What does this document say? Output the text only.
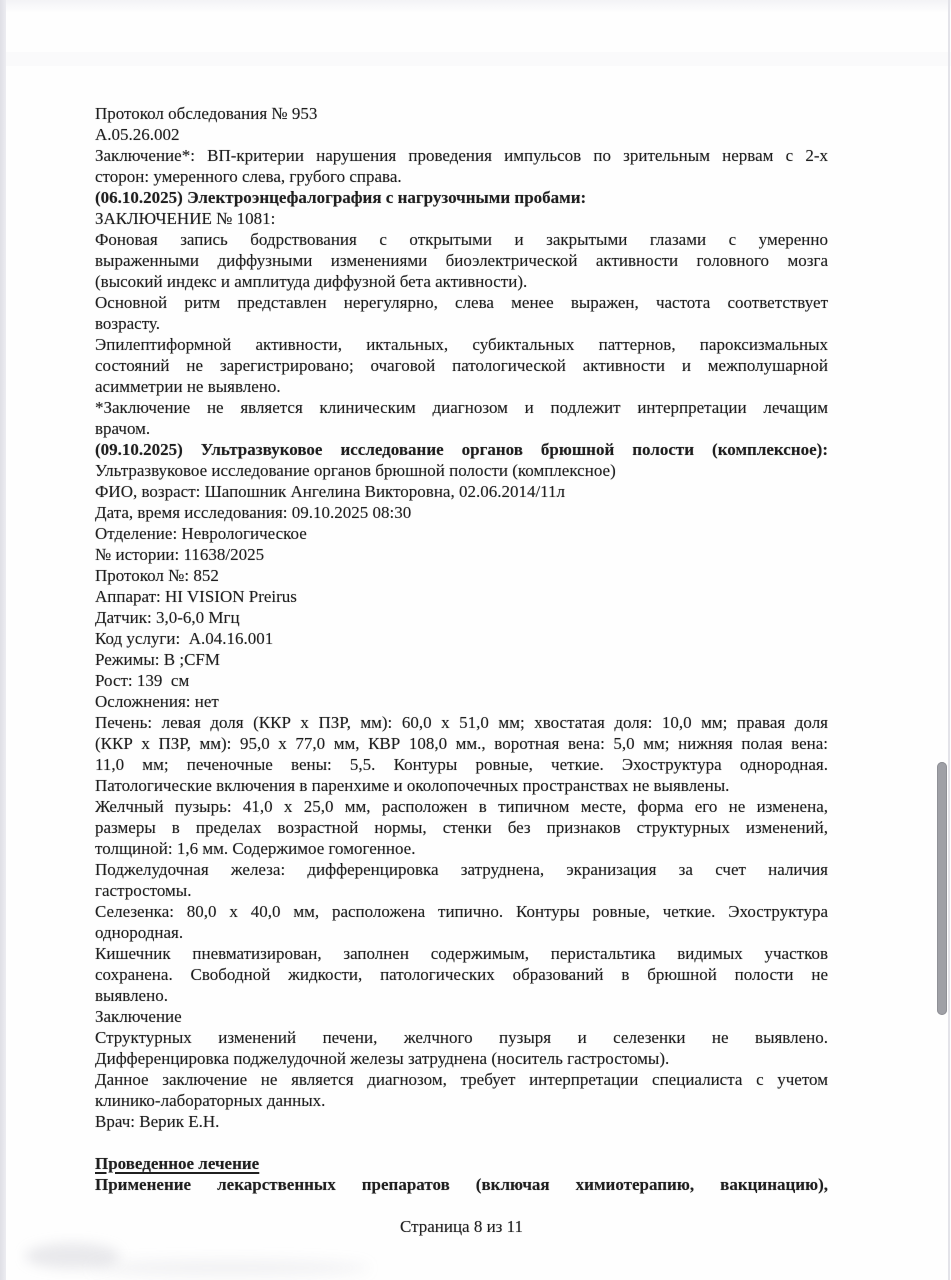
Протокол обследования № 953
А.05.26.002
Заключение*: ВП-критерии нарушения проведения импульсов по зрительным нервам с 2-х
сторон: умеренного слева, грубого справа.
(06.10.2025) Электроэнцефалография с нагрузочными пробами:
ЗАКЛЮЧЕНИЕ № 1081:
Фоновая запись бодрствования с открытыми и закрытыми глазами с умеренно
выраженными диффузными изменениями биоэлектрической активности головного мозга
(высокий индекс и амплитуда диффузной бета активности).
Основной ритм представлен нерегулярно, слева менее выражен, частота соответствует
возрасту.
Эпилептиформной активности, иктальных, субиктальных паттернов, пароксизмальных
состояний не зарегистрировано; очаговой патологической активности и межполушарной
асимметрии не выявлено.
*Заключение не является клиническим диагнозом и подлежит интерпретации лечащим
врачом.
(09.10.2025) Ультразвуковое исследование органов брюшной полости (комплексное):
Ультразвуковое исследование органов брюшной полости (комплексное)
ФИО, возраст: Шапошник Ангелина Викторовна, 02.06.2014/11л
Дата, время исследования: 09.10.2025 08:30
Отделение: Неврологическое
№ истории: 11638/2025
Протокол №: 852
Аппарат: HI VISION Preirus
Датчик: 3,0-6,0 Мгц
Код услуги:  А.04.16.001
Режимы: B ;CFM
Рост: 139  см
Осложнения: нет
Печень: левая доля (ККР х ПЗР, мм): 60,0 х 51,0 мм; хвостатая доля: 10,0 мм; правая доля
(ККР х ПЗР, мм): 95,0 х 77,0 мм, КВР 108,0 мм., воротная вена: 5,0 мм; нижняя полая вена:
11,0 мм; печеночные вены: 5,5. Контуры ровные, четкие. Эхоструктура однородная.
Патологические включения в паренхиме и околопочечных пространствах не выявлены.
Желчный пузырь: 41,0 х 25,0 мм, расположен в типичном месте, форма его не изменена,
размеры в пределах возрастной нормы, стенки без признаков структурных изменений,
толщиной: 1,6 мм. Содержимое гомогенное.
Поджелудочная железа: дифференцировка затруднена, экранизация за счет наличия
гастростомы.
Селезенка: 80,0 х 40,0 мм, расположена типично. Контуры ровные, четкие. Эхоструктура
однородная.
Кишечник пневматизирован, заполнен содержимым, перистальтика видимых участков
сохранена. Свободной жидкости, патологических образований в брюшной полости не
выявлено.
Заключение
Структурных изменений печени, желчного пузыря и селезенки не выявлено.
Дифференцировка поджелудочной железы затруднена (носитель гастростомы).
Данное заключение не является диагнозом, требует интерпретации специалиста с учетом
клинико-лабораторных данных.
Врач: Верик Е.Н.
Проведенное лечение
Применение лекарственных препаратов (включая химиотерапию, вакцинацию),
Страница 8 из 11
